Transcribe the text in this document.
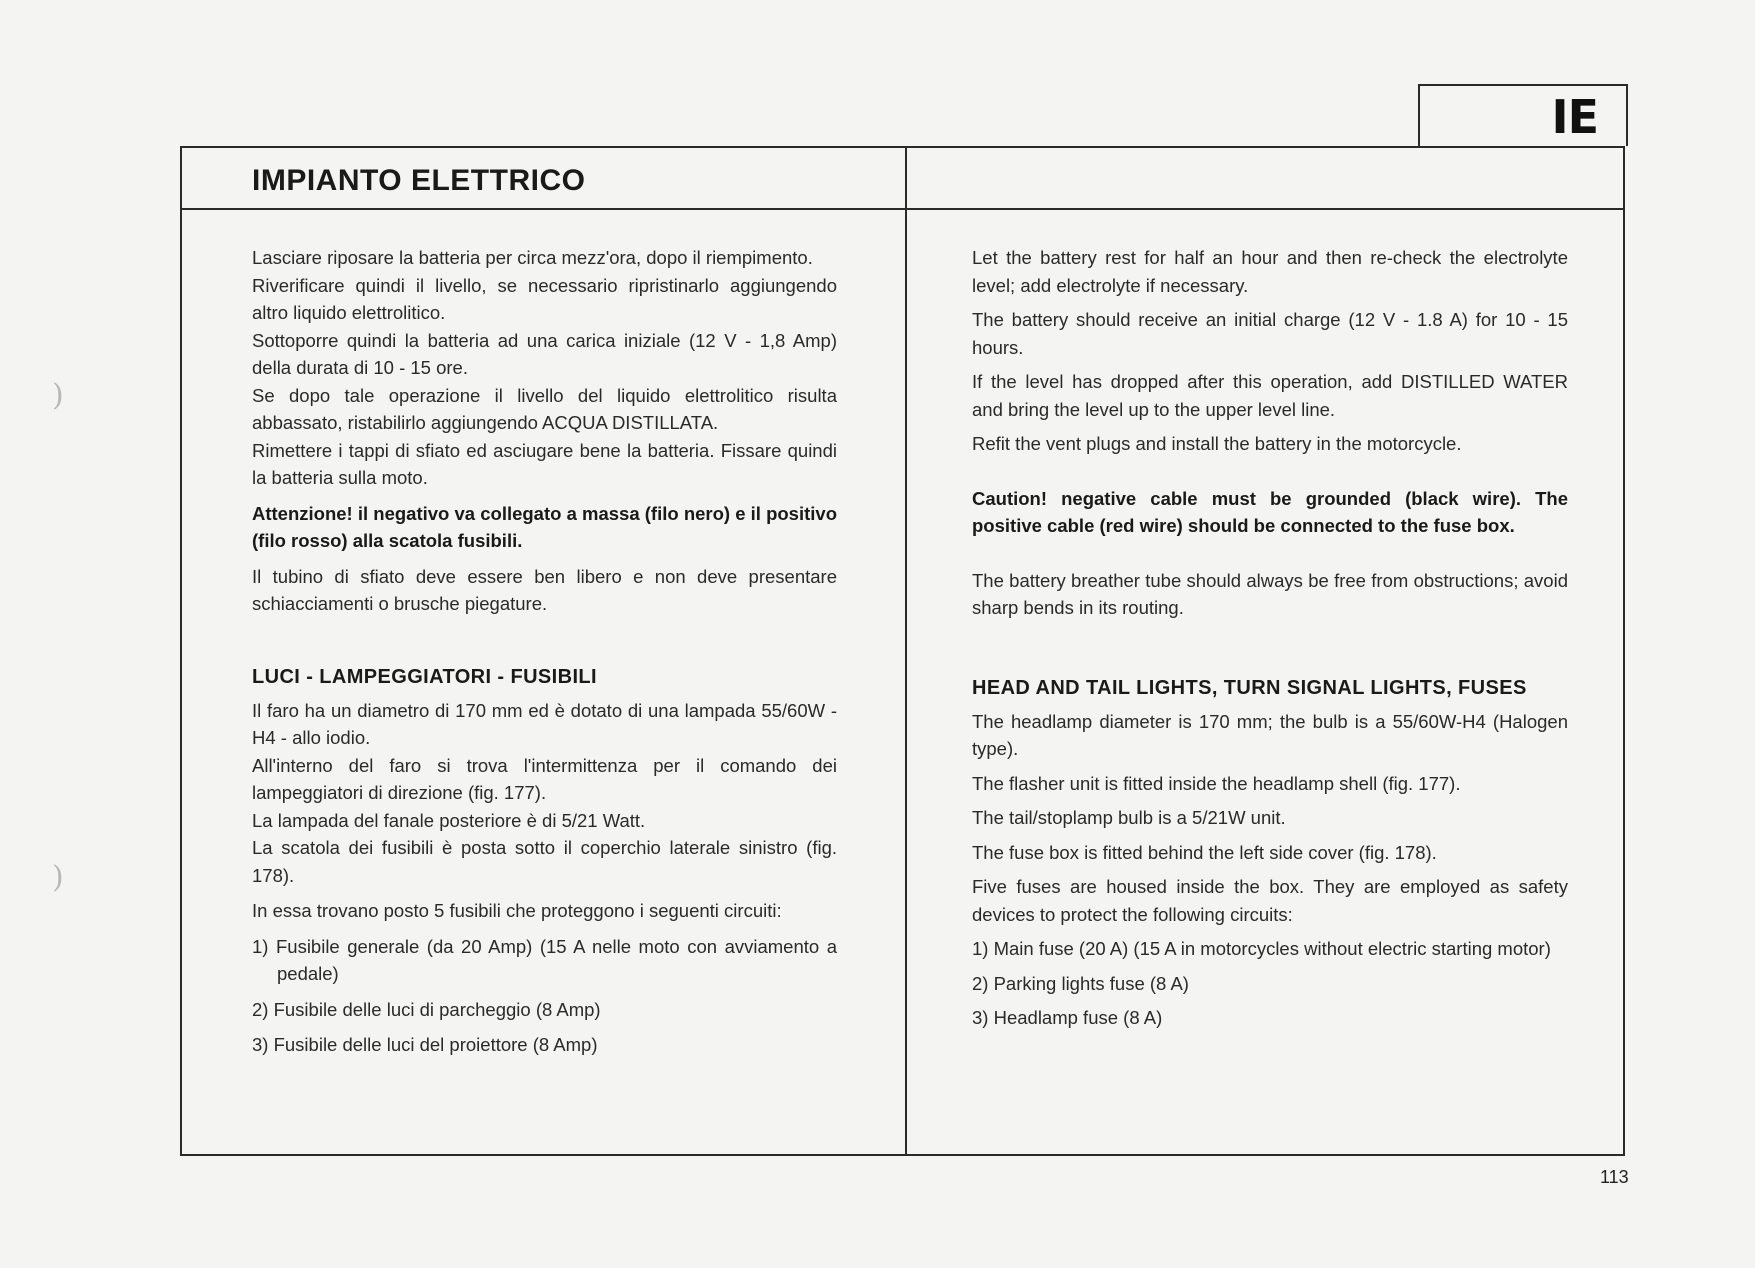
)
)
IE
IMPIANTO ELETTRICO

Lasciare riposare la batteria per circa mezz'ora, dopo il riempimento.

Riverificare quindi il livello, se necessario ripristinarlo aggiungendo altro liquido elettrolitico.

Sottoporre quindi la batteria ad una carica iniziale (12 V - 1,8 Amp) della durata di 10 - 15 ore.

Se dopo tale operazione il livello del liquido elettrolitico risulta abbassato, ristabilirlo aggiungendo ACQUA DISTILLATA.

Rimettere i tappi di sfiato ed asciugare bene la batteria. Fissare quindi la batteria sulla moto.

Attenzione! il negativo va collegato a massa (filo nero) e il positivo (filo rosso) alla scatola fusibili.

Il tubino di sfiato deve essere ben libero e non deve presentare schiacciamenti o brusche piegature.

LUCI - LAMPEGGIATORI - FUSIBILI

Il faro ha un diametro di 170 mm ed è dotato di una lampada 55/60W - H4 - allo iodio.

All'interno del faro si trova l'intermittenza per il comando dei lampeggiatori di direzione (fig. 177).

La lampada del fanale posteriore è di 5/21 Watt.

La scatola dei fusibili è posta sotto il coperchio laterale sinistro (fig. 178).

In essa trovano posto 5 fusibili che proteggono i seguenti circuiti:

1) Fusibile generale (da 20 Amp) (15 A nelle moto con avviamento a pedale)

2) Fusibile delle luci di parcheggio (8 Amp)

3) Fusibile delle luci del proiettore (8 Amp)

Let the battery rest for half an hour and then re-check the electrolyte level; add electrolyte if necessary.

The battery should receive an initial charge (12 V - 1.8 A) for 10 - 15 hours.

If the level has dropped after this operation, add DISTILLED WATER and bring the level up to the upper level line.

Refit the vent plugs and install the battery in the motorcycle.

Caution! negative cable must be grounded (black wire). The positive cable (red wire) should be connected to the fuse box.

The battery breather tube should always be free from obstructions; avoid sharp bends in its routing.

HEAD AND TAIL LIGHTS, TURN SIGNAL LIGHTS, FUSES

The headlamp diameter is 170 mm; the bulb is a 55/60W-H4 (Halogen type).

The flasher unit is fitted inside the headlamp shell (fig. 177).

The tail/stoplamp bulb is a 5/21W unit.

The fuse box is fitted behind the left side cover (fig. 178).

Five fuses are housed inside the box. They are employed as safety devices to protect the following circuits:

1) Main fuse (20 A) (15 A in motorcycles without electric starting motor)

2) Parking lights fuse (8 A)

3) Headlamp fuse (8 A)

113
